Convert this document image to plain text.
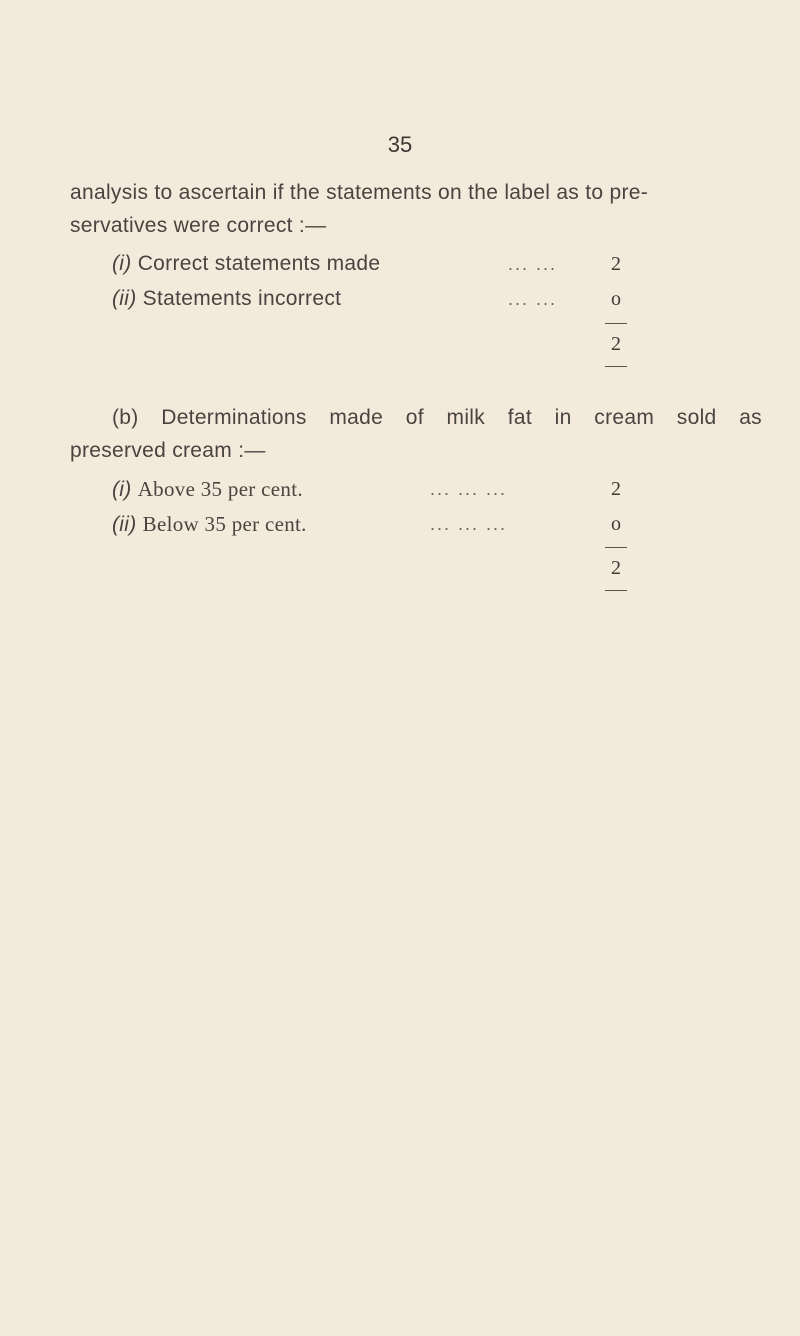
35
analysis to ascertain if the statements on the label as to pre-
servatives were correct :—
(i) Correct statements made	... ...	2
(ii) Statements incorrect	... ...	o
2
(b) Determinations made of milk fat in cream sold as
preserved cream :—
(i) Above 35 per cent.	... ... ...	2
(ii) Below 35 per cent.	... ... ...	o
2
